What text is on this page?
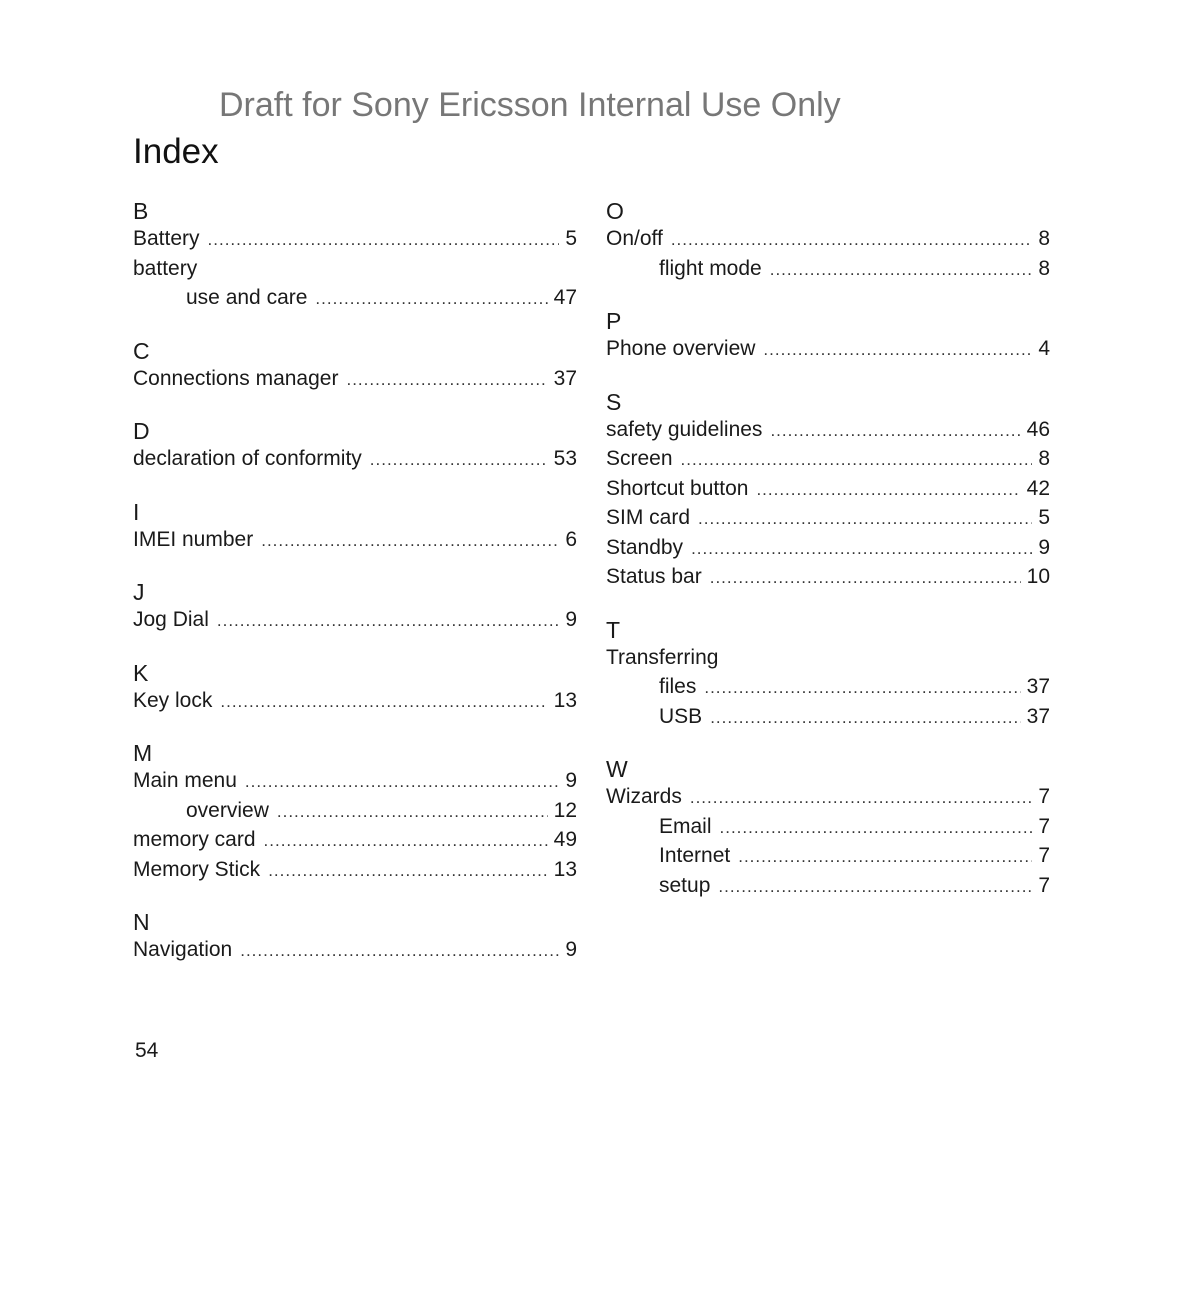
Draft for Sony Ericsson Internal Use Only
Index
B
Battery .....	5
battery
use and care .....	47
C
Connections manager .....	37
D
declaration of conformity .....	53
I
IMEI number .....	6
J
Jog Dial .....	9
K
Key lock .....	13
M
Main menu .....	9
overview .....	12
memory card .....	49
Memory Stick .....	13
N
Navigation .....	9
O
On/off .....	8
flight mode .....	8
P
Phone overview .....	4
S
safety guidelines .....	46
Screen .....	8
Shortcut button .....	42
SIM card .....	5
Standby .....	9
Status bar .....	10
T
Transferring
files .....	37
USB .....	37
W
Wizards .....	7
Email .....	7
Internet .....	7
setup .....	7
54
